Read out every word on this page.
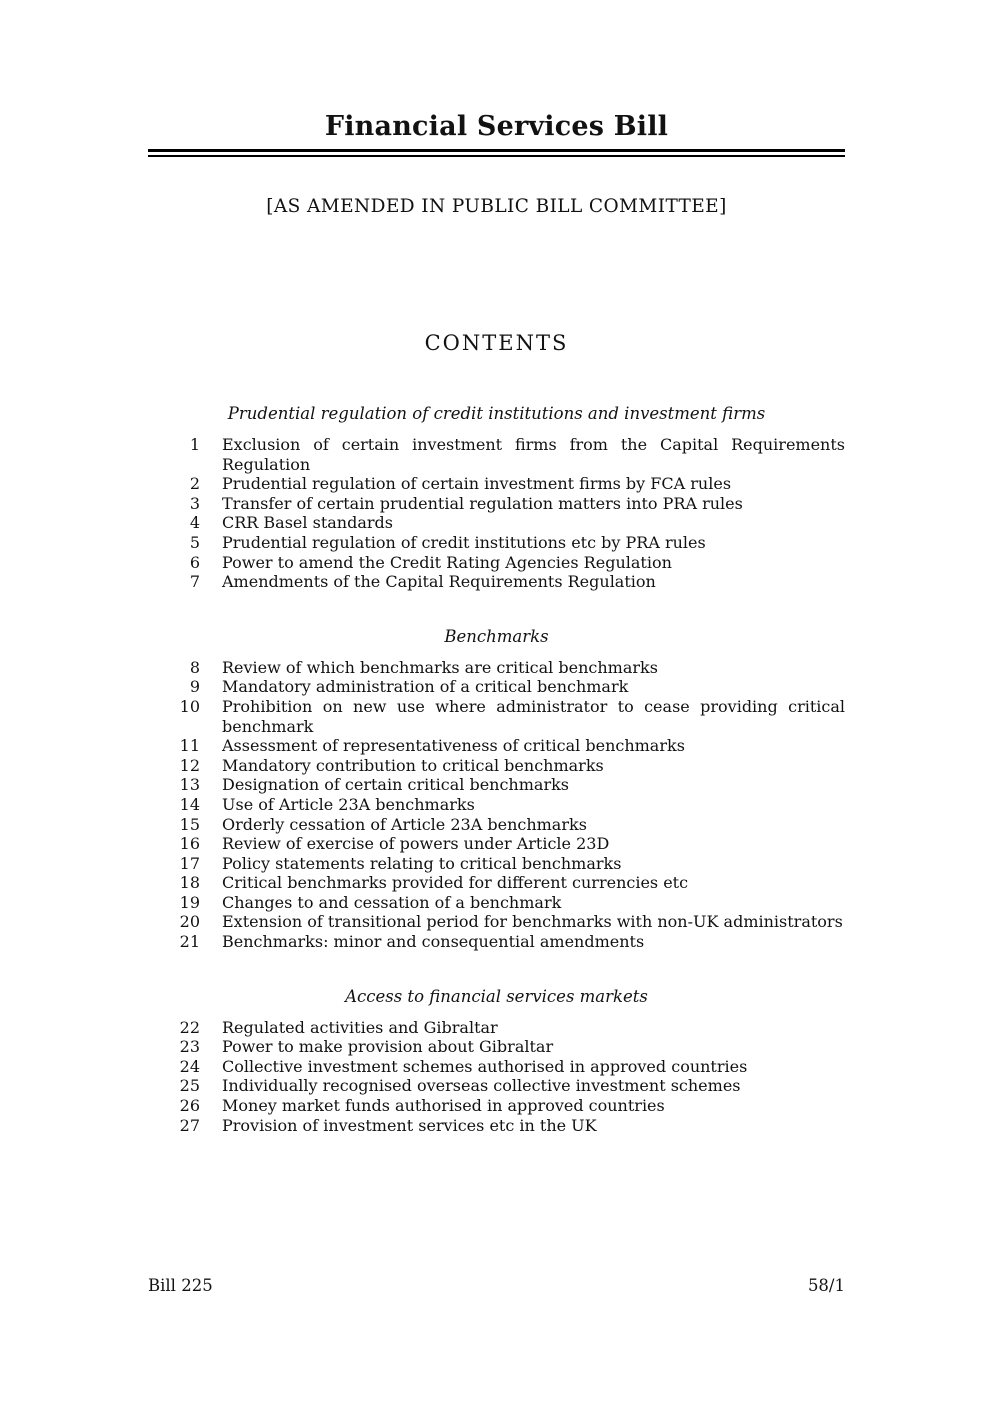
Financial Services Bill
[AS AMENDED IN PUBLIC BILL COMMITTEE]
CONTENTS
Prudential regulation of credit institutions and investment firms
1 Exclusion of certain investment firms from the Capital Requirements
Regulation
2 Prudential regulation of certain investment firms by FCA rules
3 Transfer of certain prudential regulation matters into PRA rules
4 CRR Basel standards
5 Prudential regulation of credit institutions etc by PRA rules
6 Power to amend the Credit Rating Agencies Regulation
7 Amendments of the Capital Requirements Regulation
Benchmarks
8 Review of which benchmarks are critical benchmarks
9 Mandatory administration of a critical benchmark
10 Prohibition on new use where administrator to cease providing critical
benchmark
11 Assessment of representativeness of critical benchmarks
12 Mandatory contribution to critical benchmarks
13 Designation of certain critical benchmarks
14 Use of Article 23A benchmarks
15 Orderly cessation of Article 23A benchmarks
16 Review of exercise of powers under Article 23D
17 Policy statements relating to critical benchmarks
18 Critical benchmarks provided for different currencies etc
19 Changes to and cessation of a benchmark
20 Extension of transitional period for benchmarks with non-UK administrators
21 Benchmarks: minor and consequential amendments
Access to financial services markets
22 Regulated activities and Gibraltar
23 Power to make provision about Gibraltar
24 Collective investment schemes authorised in approved countries
25 Individually recognised overseas collective investment schemes
26 Money market funds authorised in approved countries
27 Provision of investment services etc in the UK
Bill 225	58/1
